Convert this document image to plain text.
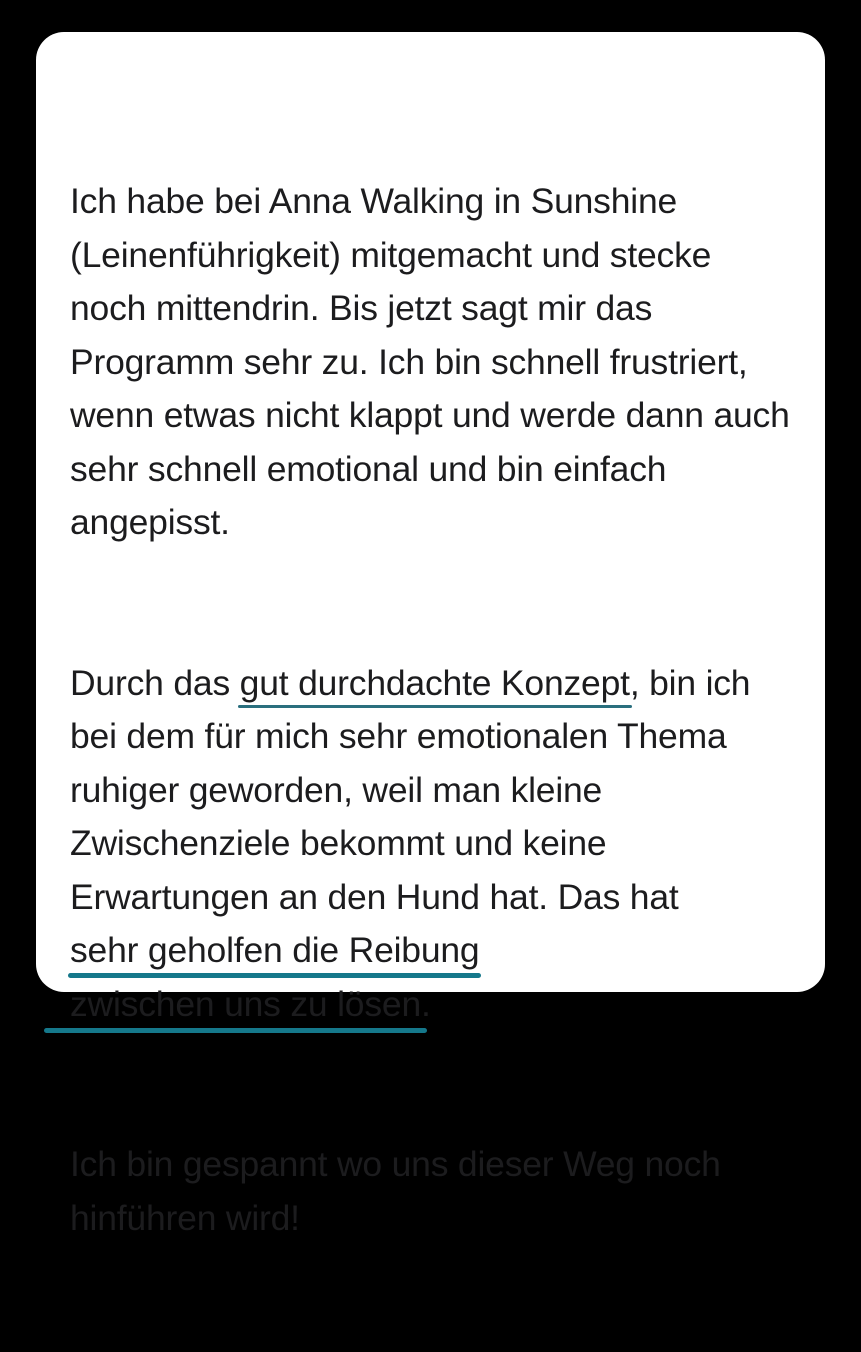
Ich habe bei Anna Walking in Sunshine (Leinenführigkeit) mitgemacht und stecke noch mittendrin. Bis jetzt sagt mir das Programm sehr zu. Ich bin schnell frustriert, wenn etwas nicht klappt und werde dann auch sehr schnell emotional und bin einfach angepisst.

Durch das gut durchdachte Konzept, bin ich bei dem für mich sehr emotionalen Thema ruhiger geworden, weil man kleine Zwischenziele bekommt und keine Erwartungen an den Hund hat. Das hat sehr geholfen die Reibung zwischen uns zu lösen.

Ich bin gespannt wo uns dieser Weg noch hinführen wird!
